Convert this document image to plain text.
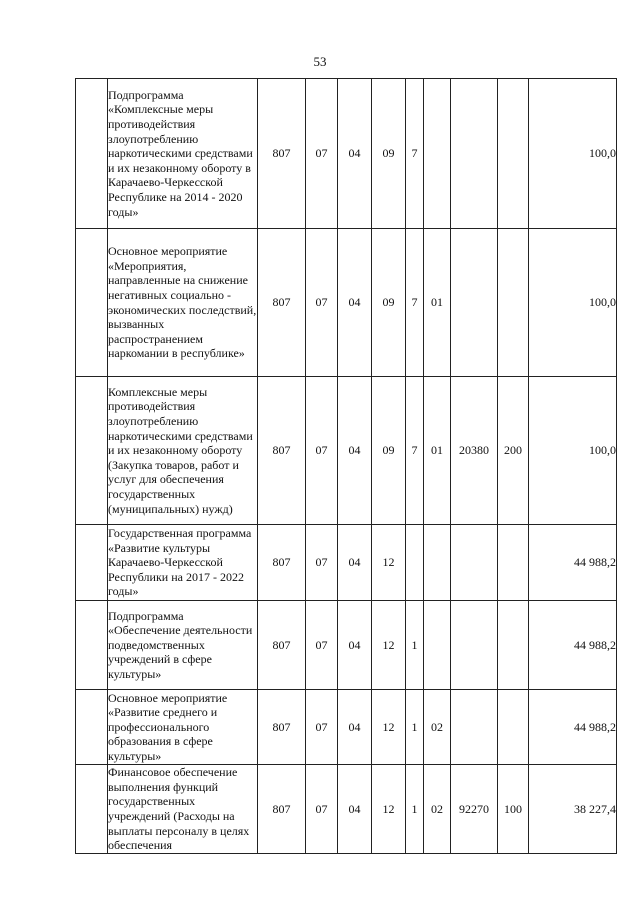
53
	Подпрограмма «Комплексные меры противодействия злоупотреблению наркотическими средствами и их незаконному обороту в Карачаево-Черкесской Республике на 2014 - 2020 годы»	807	07	04	09	7				100,0
	Основное мероприятие «Мероприятия, направленные на снижение негативных социально - экономических последствий, вызванных распространением наркомании в республике»	807	07	04	09	7	01			100,0
	Комплексные меры противодействия злоупотреблению наркотическими средствами и их незаконному обороту (Закупка товаров, работ и услуг для обеспечения государственных (муниципальных) нужд)	807	07	04	09	7	01	20380	200	100,0
	Государственная программа «Развитие культуры Карачаево-Черкесской Республики на 2017 - 2022 годы»	807	07	04	12					44 988,2
	Подпрограмма «Обеспечение деятельности подведомственных учреждений в сфере культуры»	807	07	04	12	1				44 988,2
	Основное мероприятие «Развитие среднего и профессионального образования в сфере культуры»	807	07	04	12	1	02			44 988,2
	Финансовое обеспечение выполнения функций государственных учреждений (Расходы на выплаты персоналу в целях обеспечения	807	07	04	12	1	02	92270	100	38 227,4
